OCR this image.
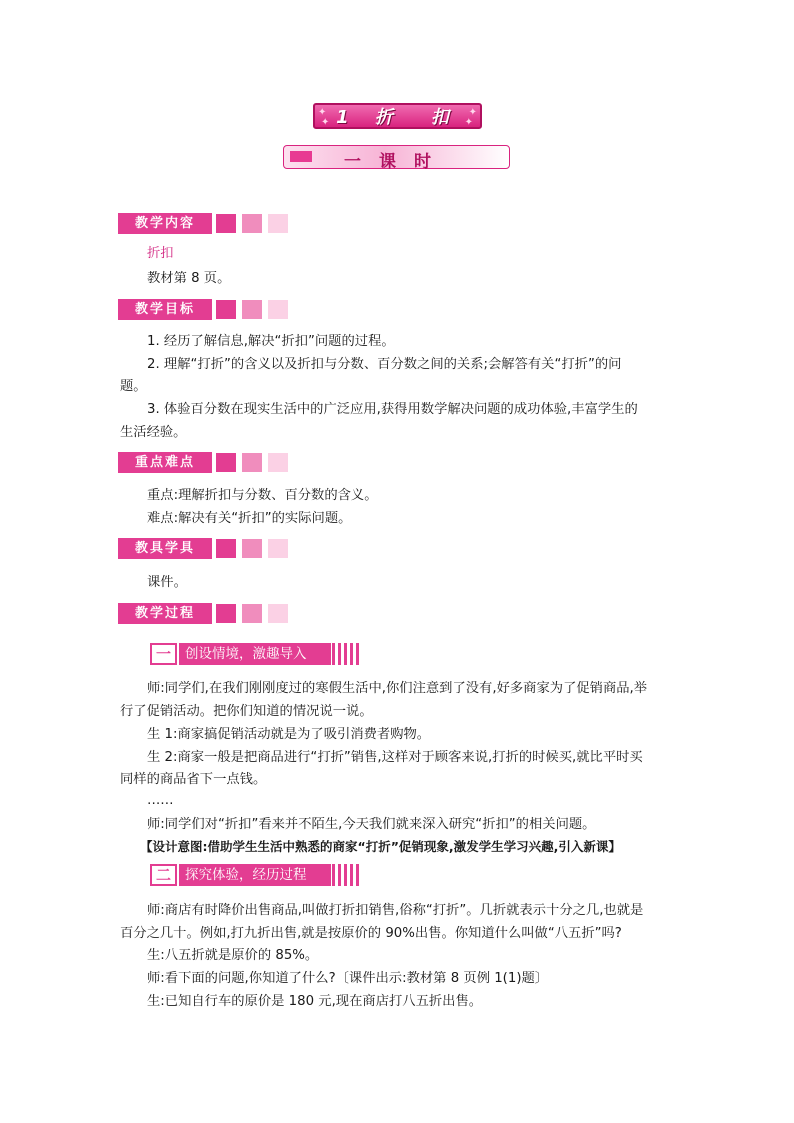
✦
✦
✦
✦
1 折　扣
一课时
教学内容
折扣
教材第 8 页。
教学目标
1. 经历了解信息,解决“折扣”问题的过程。
2. 理解“打折”的含义以及折扣与分数、百分数之间的关系;会解答有关“打折”的问
题。
3. 体验百分数在现实生活中的广泛应用,获得用数学解决问题的成功体验,丰富学生的
生活经验。
重点难点
重点:理解折扣与分数、百分数的含义。
难点:解决有关“折扣”的实际问题。
教具学具
课件。
教学过程
一	创设情境，激趣导入
师:同学们,在我们刚刚度过的寒假生活中,你们注意到了没有,好多商家为了促销商品,举
行了促销活动。把你们知道的情况说一说。
生 1:商家搞促销活动就是为了吸引消费者购物。
生 2:商家一般是把商品进行“打折”销售,这样对于顾客来说,打折的时候买,就比平时买
同样的商品省下一点钱。
……
师:同学们对“折扣”看来并不陌生,今天我们就来深入研究“折扣”的相关问题。
【设计意图:借助学生生活中熟悉的商家“打折”促销现象,激发学生学习兴趣,引入新课】
二	探究体验，经历过程
师:商店有时降价出售商品,叫做打折扣销售,俗称“打折”。几折就表示十分之几,也就是
百分之几十。例如,打九折出售,就是按原价的 90%出售。你知道什么叫做“八五折”吗?
生:八五折就是原价的 85%。
师:看下面的问题,你知道了什么?〔课件出示:教材第 8 页例 1(1)题〕
生:已知自行车的原价是 180 元,现在商店打八五折出售。
